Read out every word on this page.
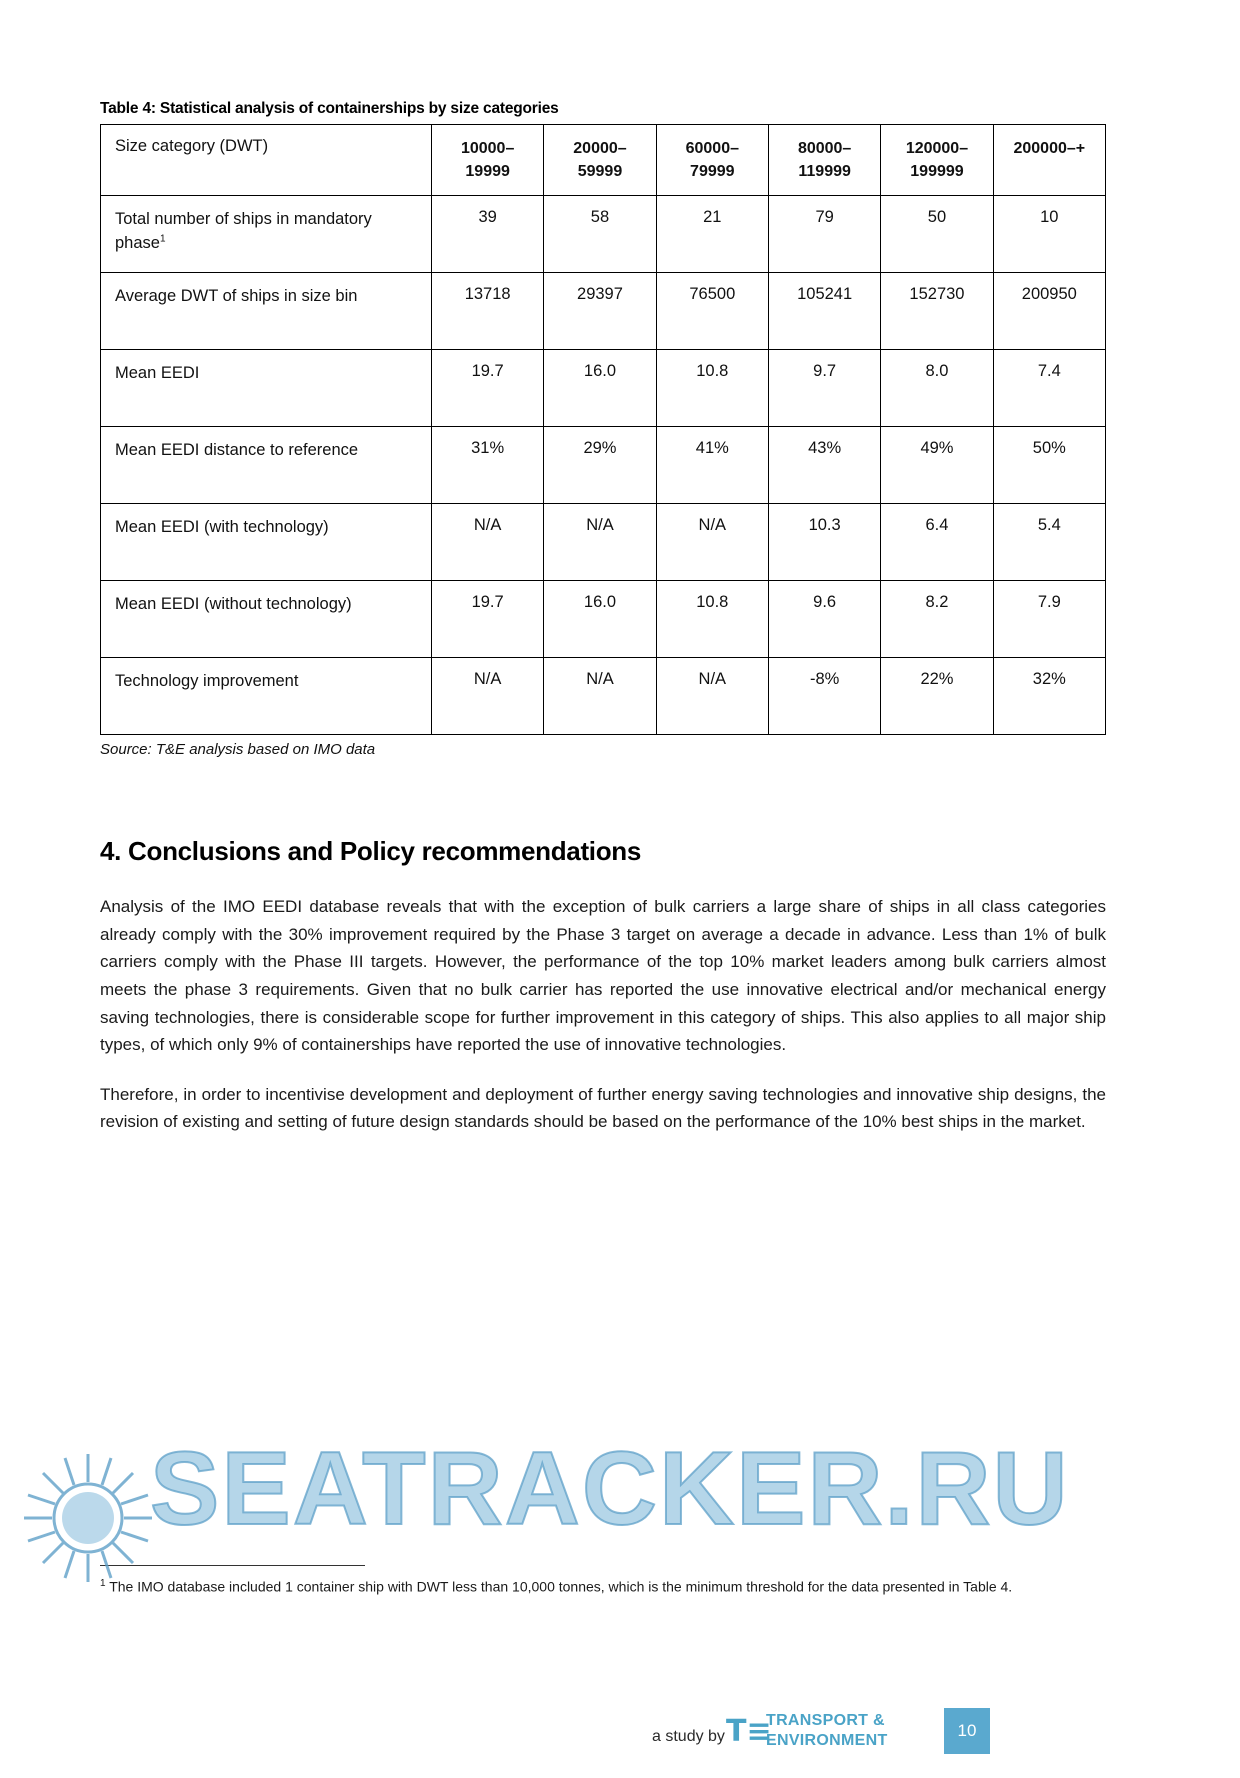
Table 4: Statistical analysis of containerships by size categories
Size category (DWT)	10000–19999	20000–59999	60000–79999	80000–119999	120000–199999	200000–+
Total number of ships in mandatory phase$^1$	39	58	21	79	50	10
Average DWT of ships in size bin	13718	29397	76500	105241	152730	200950
Mean EEDI	19.7	16.0	10.8	9.7	8.0	7.4
Mean EEDI distance to reference	31%	29%	41%	43%	49%	50%
Mean EEDI (with technology)	N/A	N/A	N/A	10.3	6.4	5.4
Mean EEDI (without technology)	19.7	16.0	10.8	9.6	8.2	7.9
Technology improvement	N/A	N/A	N/A	-8%	22%	32%
Source: T&E analysis based on IMO data
4. Conclusions and Policy recommendations

Analysis of the IMO EEDI database reveals that with the exception of bulk carriers a large share of ships in all class categories already comply with the 30% improvement required by the Phase 3 target on average a decade in advance. Less than 1% of bulk carriers comply with the Phase III targets. However, the performance of the top 10% market leaders among bulk carriers almost meets the phase 3 requirements. Given that no bulk carrier has reported the use innovative electrical and/or mechanical energy saving technologies, there is considerable scope for further improvement in this category of ships. This also applies to all major ship types, of which only 9% of containerships have reported the use of innovative technologies.

Therefore, in order to incentivise development and deployment of further energy saving technologies and innovative ship designs, the revision of existing and setting of future design standards should be based on the performance of the 10% best ships in the market.

$^1$ The IMO database included 1 container ship with DWT less than 10,000 tonnes, which is the minimum threshold for the data presented in Table 4.
SEATRACKER.RU
a study by T≡
TRANSPORT &
ENVIRONMENT
10
